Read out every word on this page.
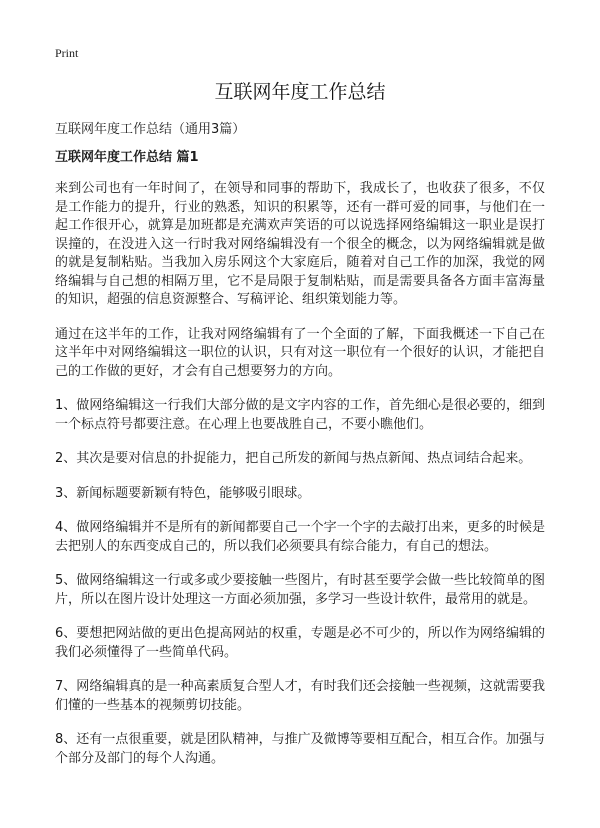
Print
互联网年度工作总结

互联网年度工作总结（通用3篇）

互联网年度工作总结 篇1

来到公司也有一年时间了，在领导和同事的帮助下，我成长了，也收获了很多，不仅是工作能力的提升，行业的熟悉，知识的积累等，还有一群可爱的同事，与他们在一起工作很开心，就算是加班都是充满欢声笑语的可以说选择网络编辑这一职业是误打误撞的，在没进入这一行时我对网络编辑没有一个很全的概念，以为网络编辑就是做的就是复制粘贴。当我加入房乐网这个大家庭后，随着对自己工作的加深，我觉的网络编辑与自己想的相隔万里，它不是局限于复制粘贴，而是需要具备各方面丰富海量的知识，超强的信息资源整合、写稿评论、组织策划能力等。

通过在这半年的工作，让我对网络编辑有了一个全面的了解，下面我概述一下自己在这半年中对网络编辑这一职位的认识，只有对这一职位有一个很好的认识，才能把自己的工作做的更好，才会有自己想要努力的方向。

1、做网络编辑这一行我们大部分做的是文字内容的工作，首先细心是很必要的，细到一个标点符号都要注意。在心理上也要战胜自己，不要小瞧他们。

2、其次是要对信息的扑捉能力，把自己所发的新闻与热点新闻、热点词结合起来。

3、新闻标题要新颖有特色，能够吸引眼球。

4、做网络编辑并不是所有的新闻都要自己一个字一个字的去敲打出来，更多的时候是去把别人的东西变成自己的，所以我们必须要具有综合能力，有自己的想法。

5、做网络编辑这一行或多或少要接触一些图片，有时甚至要学会做一些比较简单的图片，所以在图片设计处理这一方面必须加强，多学习一些设计软件，最常用的就是。

6、要想把网站做的更出色提高网站的权重，专题是必不可少的，所以作为网络编辑的我们必须懂得了一些简单代码。

7、网络编辑真的是一种高素质复合型人才，有时我们还会接触一些视频，这就需要我们懂的一些基本的视频剪切技能。

8、还有一点很重要，就是团队精神，与推广及微博等要相互配合，相互合作。加强与个部分及部门的每个人沟通。
